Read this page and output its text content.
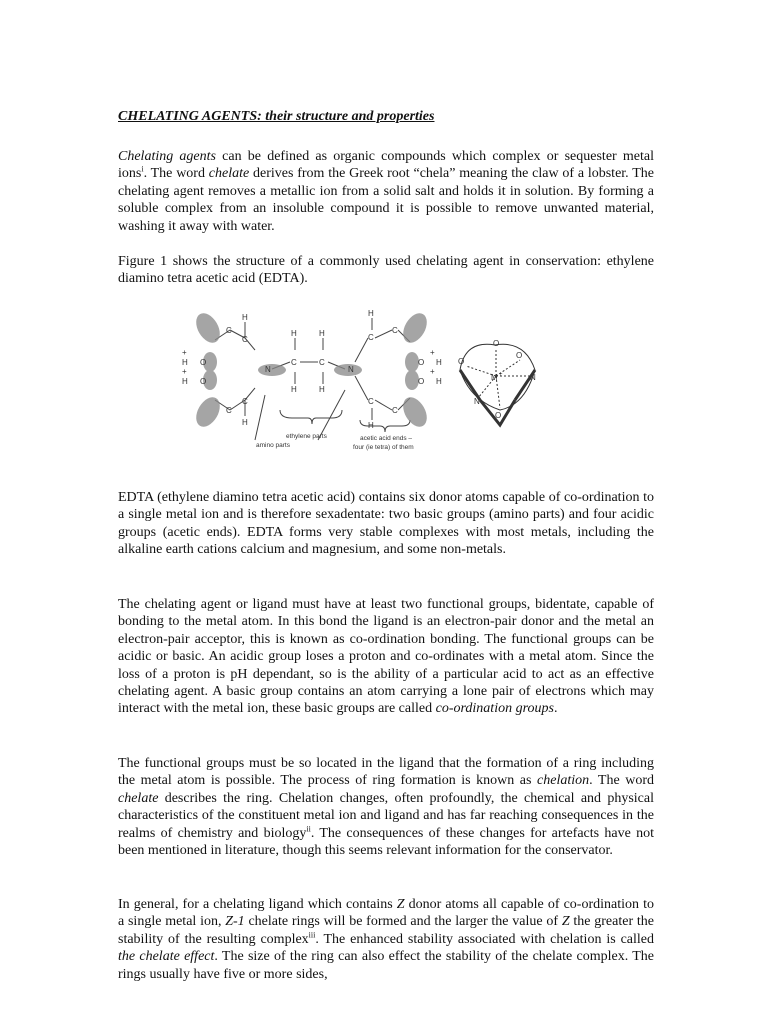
CHELATING AGENTS: their structure and properties

Chelating agents can be defined as organic compounds which complex or sequester metal ions$^i$. The word chelate derives from the Greek root “chela” meaning the claw of a lobster. The chelating agent removes a metallic ion from a solid salt and holds it in solution. By forming a soluble complex from an insoluble compound it is possible to remove unwanted material, washing it away with water.

Figure 1 shows the structure of a commonly used chelating agent in conservation: ethylene diamino tetra acetic acid (EDTA).

H
H
C
C
C
C
O
O
H
H
+
+	N
C	C
H	H
H	H
N
H
H
C
C
C
C
O
O
H
H
+
+
ethylene parts
amino parts
acetic acid ends –
four (ie tetra) of them
O
O
O
O
N
N
M +

EDTA (ethylene diamino tetra acetic acid) contains six donor atoms capable of co-ordination to a single metal ion and is therefore sexadentate: two basic groups (amino parts) and four acidic groups (acetic ends). EDTA forms very stable complexes with most metals, including the alkaline earth cations calcium and magnesium, and some non-metals.

The chelating agent or ligand must have at least two functional groups, bidentate, capable of bonding to the metal atom. In this bond the ligand is an electron-pair donor and the metal an electron-pair acceptor, this is known as co-ordination bonding. The functional groups can be acidic or basic. An acidic group loses a proton and co-ordinates with a metal atom. Since the loss of a proton is pH dependant, so is the ability of a particular acid to act as an effective chelating agent. A basic group contains an atom carrying a lone pair of electrons which may interact with the metal ion, these basic groups are called co-ordination groups.

The functional groups must be so located in the ligand that the formation of a ring including the metal atom is possible. The process of ring formation is known as chelation. The word chelate describes the ring. Chelation changes, often profoundly, the chemical and physical characteristics of the constituent metal ion and ligand and has far reaching consequences in the realms of chemistry and biology$^{ii}$. The consequences of these changes for artefacts have not been mentioned in literature, though this seems relevant information for the conservator.

In general, for a chelating ligand which contains Z donor atoms all capable of co-ordination to a single metal ion, Z-1 chelate rings will be formed and the larger the value of Z the greater the stability of the resulting complex$^{iii}$. The enhanced stability associated with chelation is called the chelate effect. The size of the ring can also effect the stability of the chelate complex. The rings usually have five or more sides,
